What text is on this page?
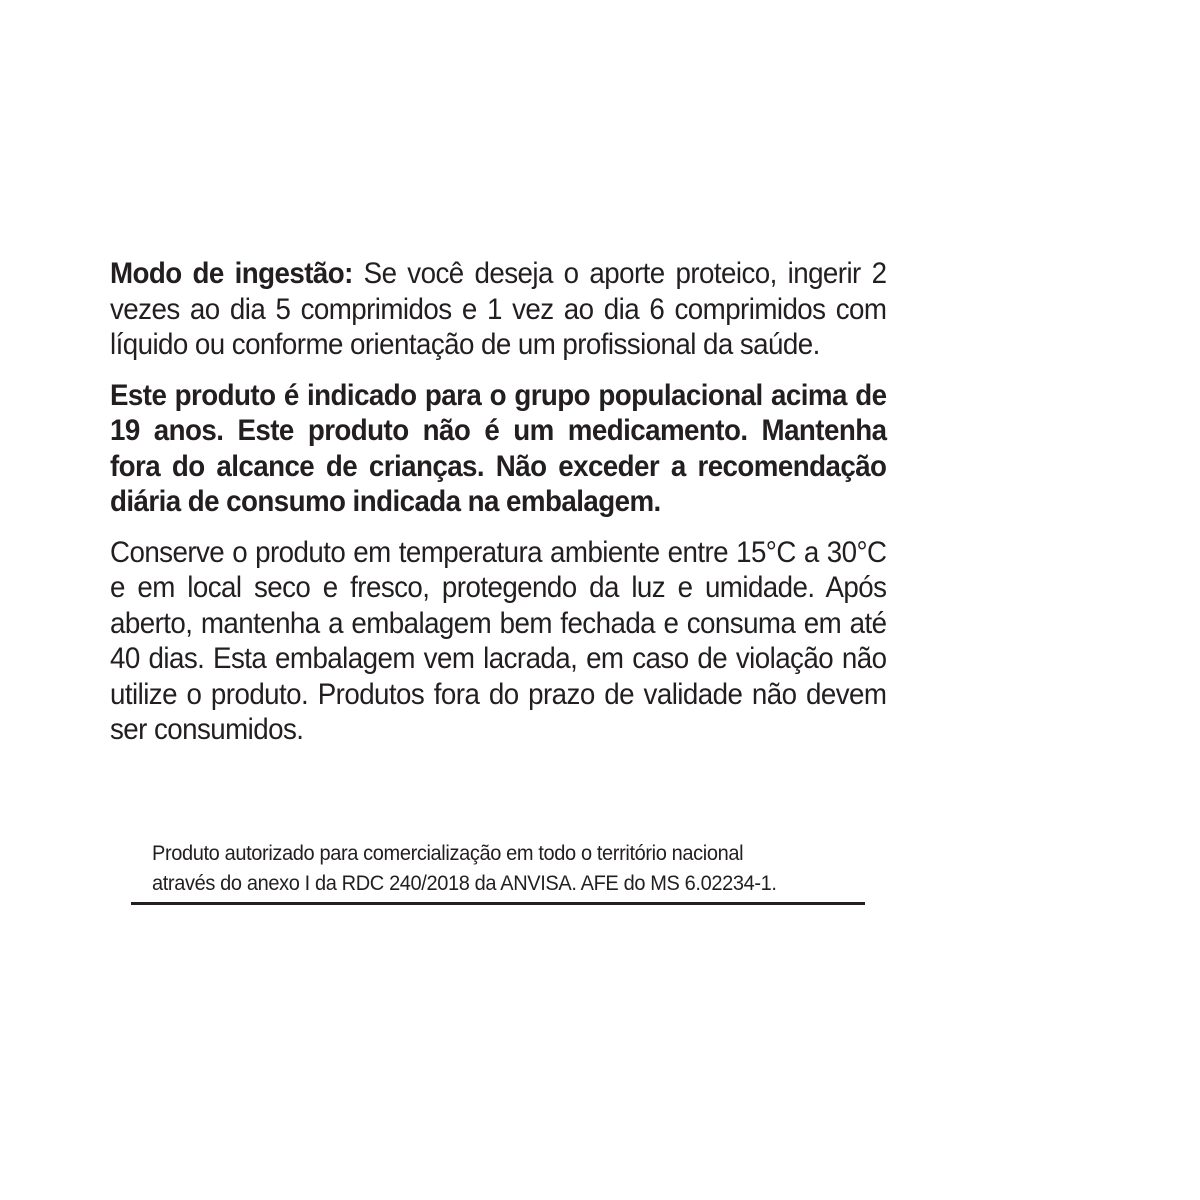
Modo de ingestão: Se você deseja o aporte proteico, ingerir 2 vezes ao dia 5 comprimidos e 1 vez ao dia 6 comprimidos com líquido ou conforme orientação de um profissional da saúde.

Este produto é indicado para o grupo populacional acima de 19 anos. Este produto não é um medicamento. Mantenha fora do alcance de crianças. Não exceder a recomendação diária de consumo indicada na embalagem.

Conserve o produto em temperatura ambiente entre 15°C a 30°C e em local seco e fresco, protegendo da luz e umidade. Após aberto, mantenha a embalagem bem fechada e consuma em até 40 dias. Esta embalagem vem lacrada, em caso de violação não utilize o produto. Produtos fora do prazo de validade não devem ser consumidos.

Produto autorizado para comercialização em todo o território nacional
através do anexo I da RDC 240/2018 da ANVISA. AFE do MS 6.02234-1.
